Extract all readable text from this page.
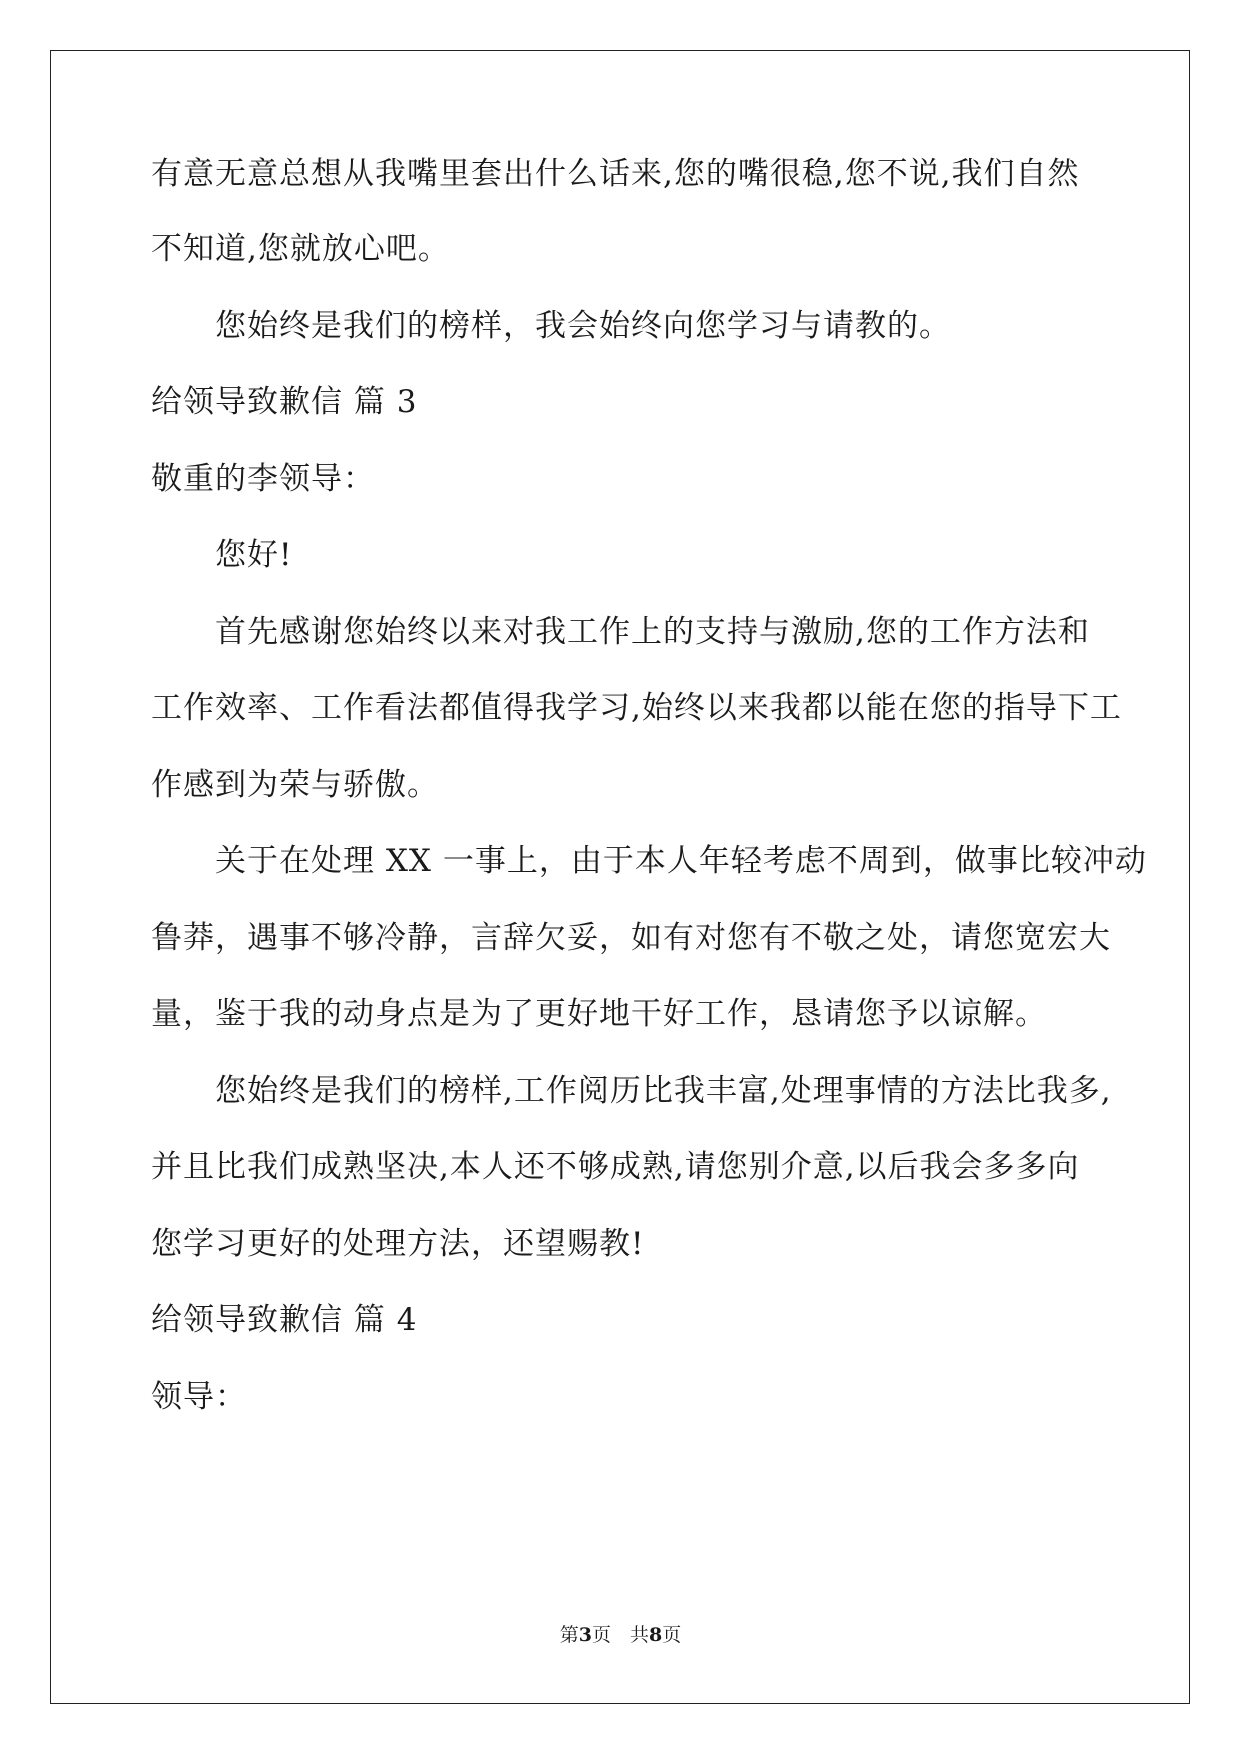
有意无意总想从我嘴里套出什么话来,您的嘴很稳,您不说,我们自然
不知道,您就放心吧。
您始终是我们的榜样，我会始终向您学习与请教的。
给领导致歉信 篇 3
敬重的李领导：
您好!
首先感谢您始终以来对我工作上的支持与激励,您的工作方法和
工作效率、工作看法都值得我学习,始终以来我都以能在您的指导下工
作感到为荣与骄傲。
关于在处理 XX 一事上，由于本人年轻考虑不周到，做事比较冲动
鲁莽，遇事不够冷静，言辞欠妥，如有对您有不敬之处，请您宽宏大
量，鉴于我的动身点是为了更好地干好工作，恳请您予以谅解。
您始终是我们的榜样,工作阅历比我丰富,处理事情的方法比我多,
并且比我们成熟坚决,本人还不够成熟,请您别介意,以后我会多多向
您学习更好的处理方法，还望赐教!
给领导致歉信 篇 4
领导：
第3页　共8页
